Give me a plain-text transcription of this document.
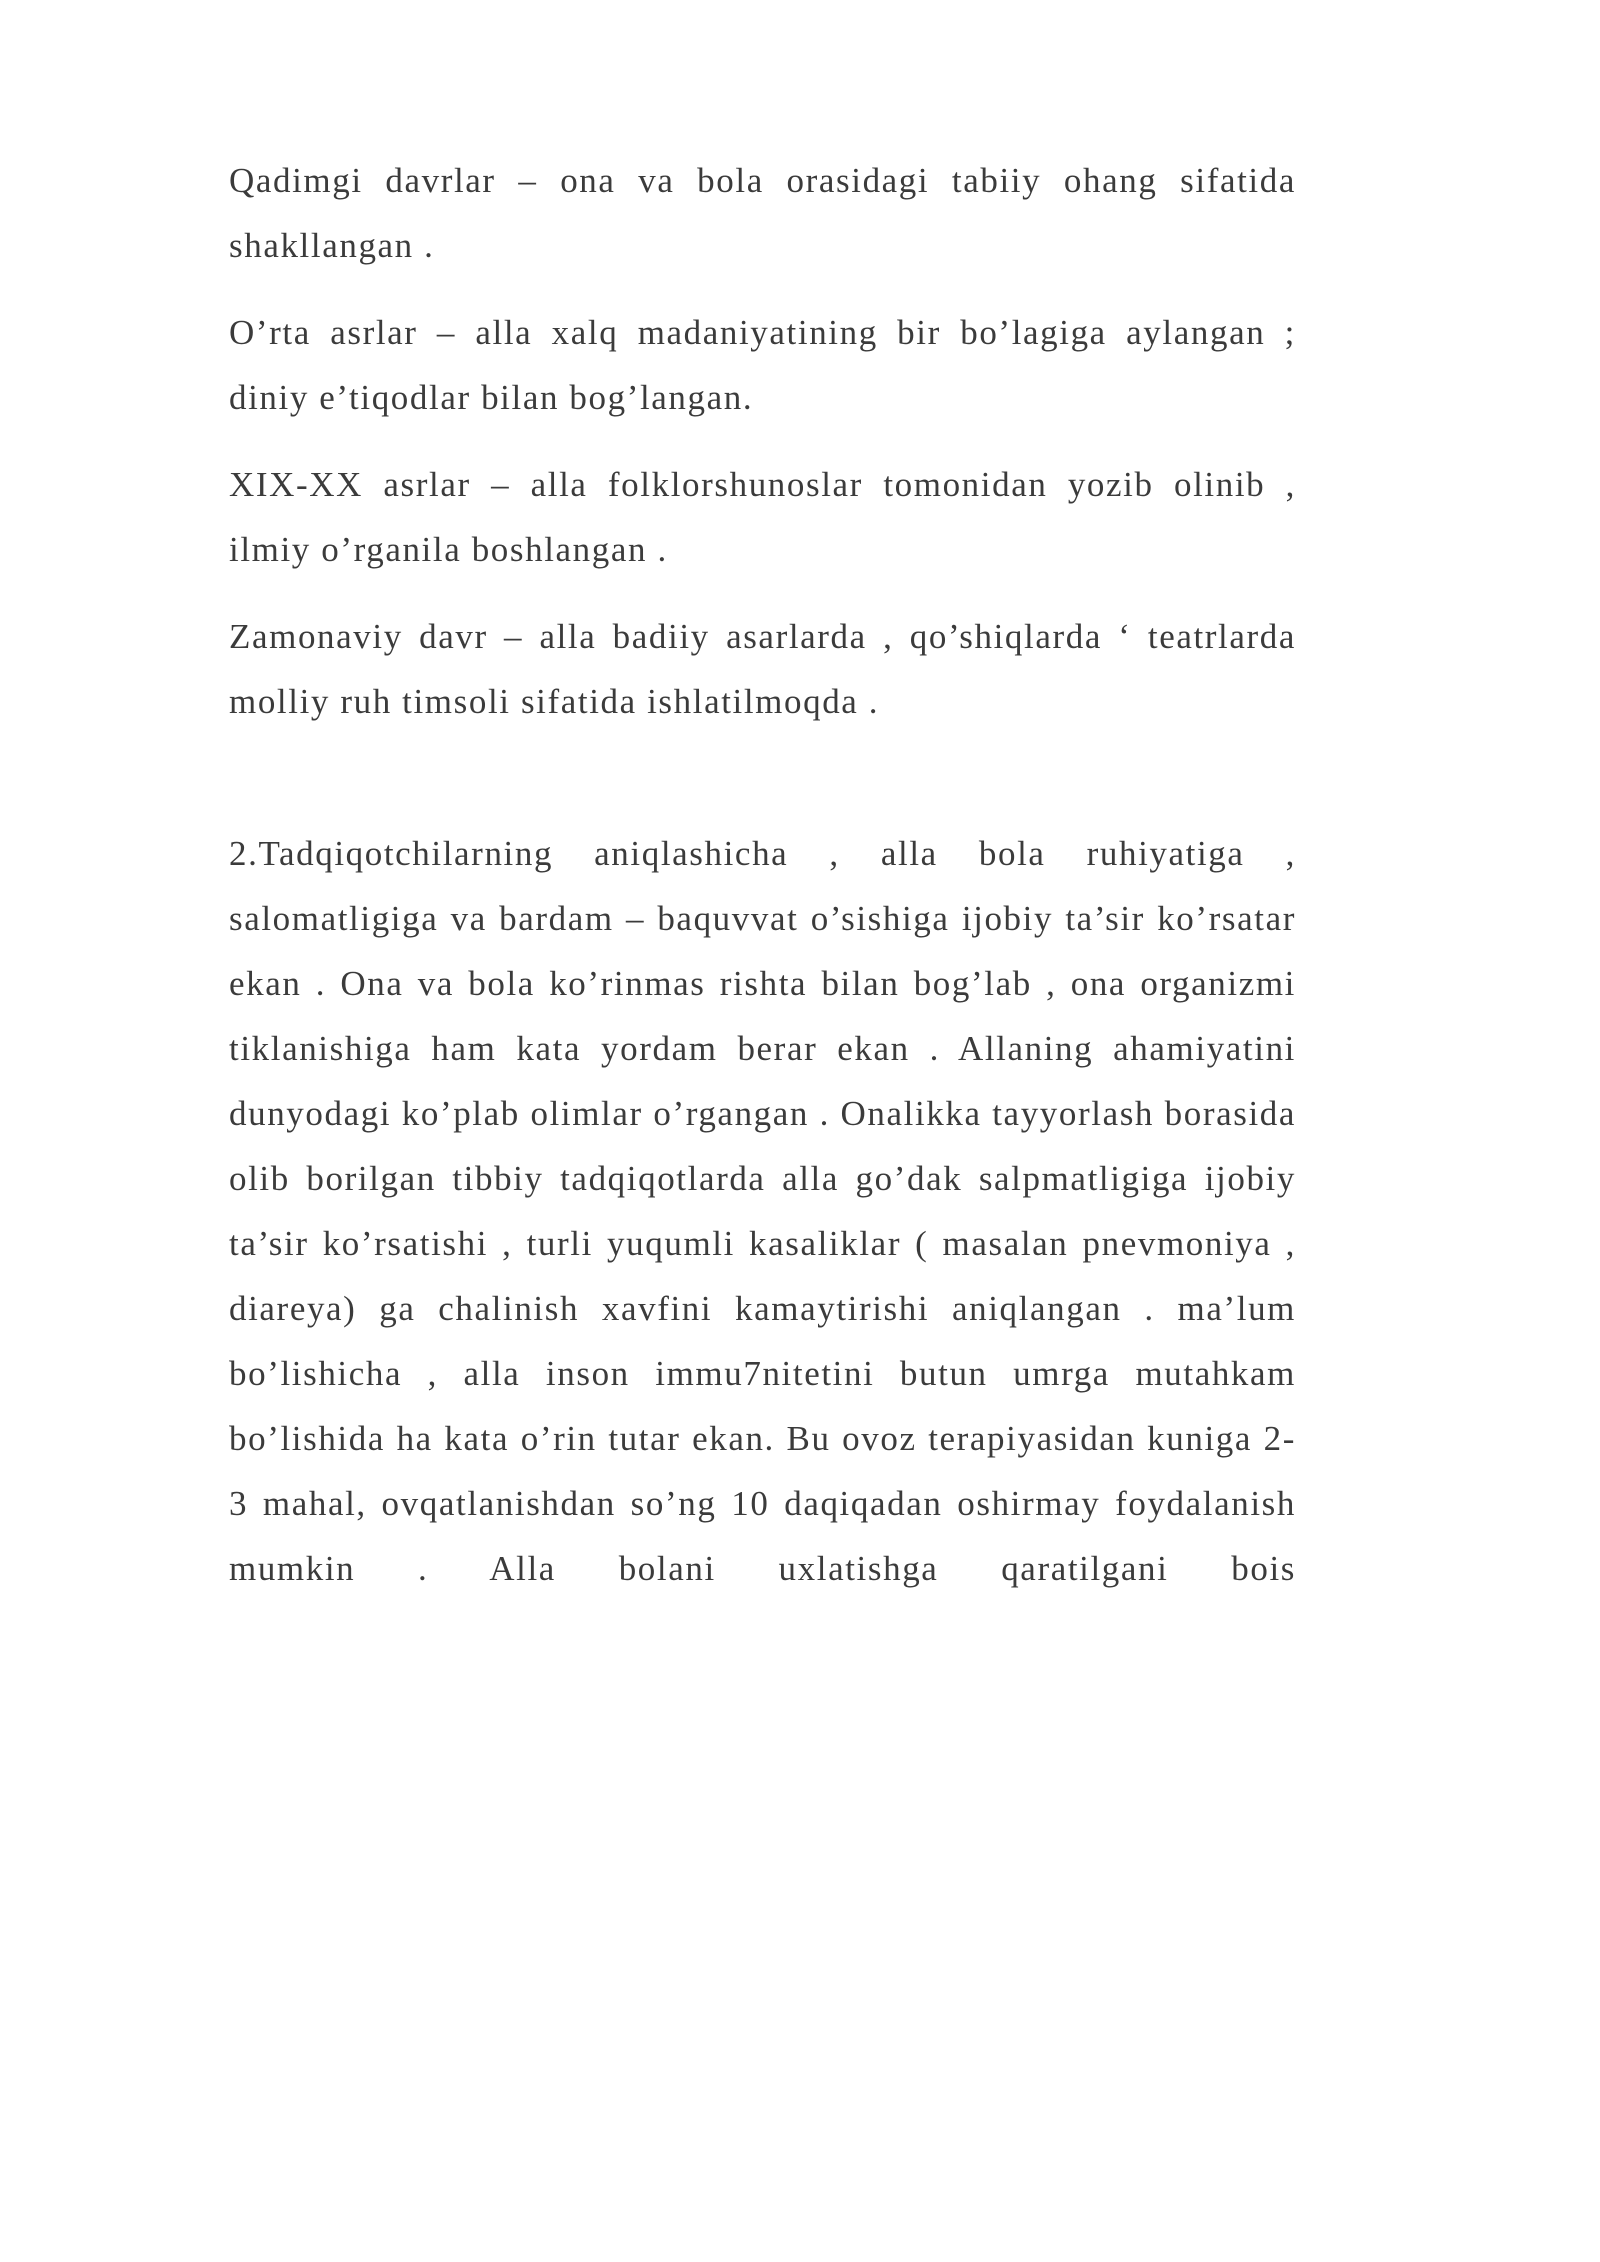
Qadimgi davrlar – ona va bola orasidagi tabiiy ohang sifatida shakllangan .

O’rta asrlar – alla xalq madaniyatining bir bo’lagiga aylangan ; diniy e’tiqodlar bilan bog’langan.

XIX-XX asrlar – alla folklorshunoslar tomonidan yozib olinib , ilmiy o’rganila boshlangan .

Zamonaviy davr – alla badiiy asarlarda , qo’shiqlarda ‘ teatrlarda molliy ruh timsoli sifatida ishlatilmoqda .

2.Tadqiqotchilarning aniqlashicha , alla bola ruhiyatiga , salomatligiga va bardam – baquvvat o’sishiga ijobiy ta’sir ko’rsatar ekan . Ona va bola ko’rinmas rishta bilan bog’lab , ona organizmi tiklanishiga ham kata yordam berar ekan . Allaning ahamiyatini dunyodagi ko’plab olimlar o’rgangan . Onalikka tayyorlash borasida olib borilgan tibbiy tadqiqotlarda alla go’dak salpmatligiga ijobiy ta’sir ko’rsatishi , turli yuqumli kasaliklar ( masalan pnevmoniya , diareya) ga chalinish xavfini kamaytirishi aniqlangan . ma’lum bo’lishicha , alla inson immu7nitetini butun umrga mutahkam bo’lishida ha kata o’rin tutar ekan. Bu ovoz terapiyasidan kuniga 2-3 mahal, ovqatlanishdan so’ng 10 daqiqadan oshirmay foydalanish mumkin . Alla bolani uxlatishga qaratilgani bois
